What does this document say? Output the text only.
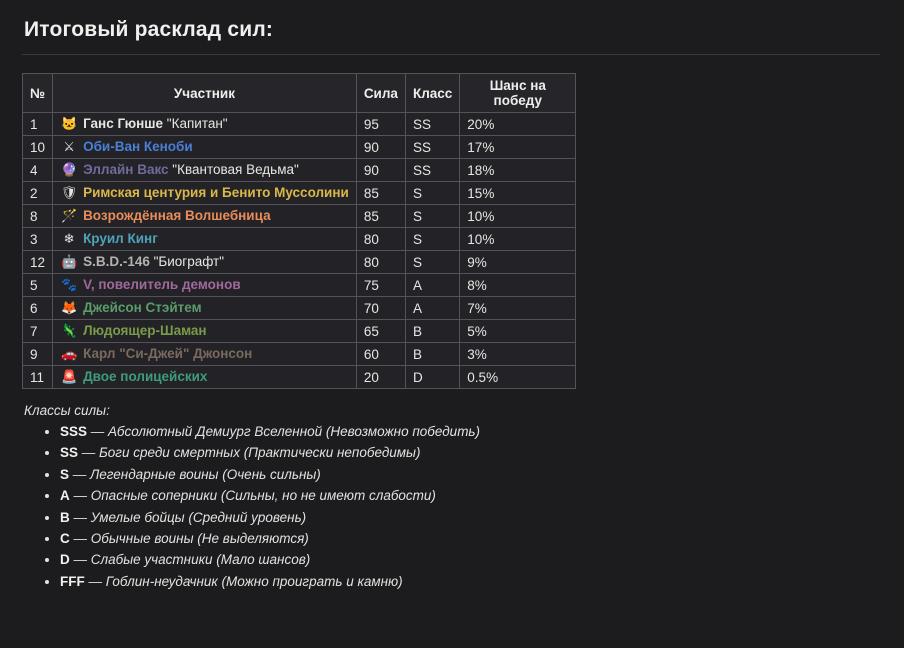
Итоговый расклад сил:
№	Участник	Сила	Класс	Шанс на победу
1	🐱 Ганс Гюнше "Капитан"	95	SS	20%
10	⚔ Оби-Ван Кеноби	90	SS	17%
4	🔮 Эллайн Вакс "Квантовая Ведьма"	90	SS	18%
2	🛡 Римская центурия и Бенито Муссолини	85	S	15%
8	🪄 Возрождённая Волшебница	85	S	10%
3	❄ Круил Кинг	80	S	10%
12	🤖 S.B.D.-146 "Биографт"	80	S	9%
5	🐾 V, повелитель демонов	75	A	8%
6	🦊 Джейсон Стэйтем	70	A	7%
7	🦎 Людоящер-Шаман	65	B	5%
9	🚗 Карл "Си-Джей" Джонсон	60	B	3%
11	🚨 Двое полицейских	20	D	0.5%
Классы силы:
• SSS — Абсолютный Демиург Вселенной (Невозможно победить)
• SS — Боги среди смертных (Практически непобедимы)
• S — Легендарные воины (Очень сильны)
• A — Опасные соперники (Сильны, но не имеют слабости)
• B — Умелые бойцы (Средний уровень)
• C — Обычные воины (Не выделяются)
• D — Слабые участники (Мало шансов)
• FFF — Гоблин-неудачник (Можно проиграть и камню)
